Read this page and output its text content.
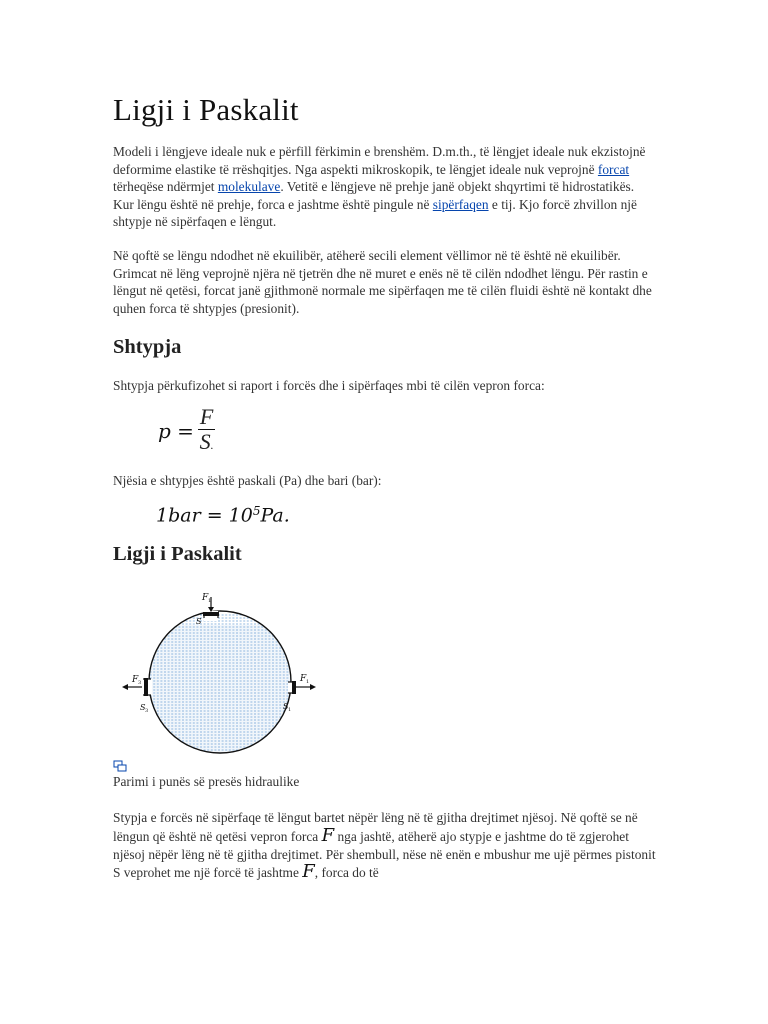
Ligji i Paskalit

Modeli i lëngjeve ideale nuk e përfill fërkimin e brenshëm. D.m.th., të lëngjet ideale nuk ekzistojnë deformime elastike të rrëshqitjes. Nga aspekti mikroskopik, te lëngjet ideale nuk veprojnë forcat tërheqëse ndërmjet molekulave. Vetitë e lëngjeve në prehje janë objekt shqyrtimi të hidrostatikës. Kur lëngu është në prehje, forca e jashtme është pingule në sipërfaqen e tij. Kjo forcë zhvillon një shtypje në sipërfaqen e lëngut.

Në qoftë se lëngu ndodhet në ekuilibër, atëherë secili element vëllimor në të është në ekuilibër. Grimcat në lëng veprojnë njëra në tjetrën dhe në muret e enës në të cilën ndodhet lëngu. Për rastin e lëngut në qetësi, forcat janë gjithmonë normale me sipërfaqen me të cilën fluidi është në kontakt dhe quhen forca të shtypjes (presionit).

Shtypja

Shtypja përkufizohet si raport i forcës dhe i sipërfaqes mbi të cilën vepron forca:

$p = \frac{F}{S.}$

Njësia e shtypjes është paskali (Pa) dhe bari (bar):

$1bar = 10^5Pa$.
Ligji i Paskalit
F 1
S
F 3
S 3
F 1
S 1

Parimi i punës së presës hidraulike

Stypja e forcës në sipërfaqe të lëngut bartet nëpër lëng në të gjitha drejtimet njësoj. Në qoftë se në lëngun që është në qetësi vepron forca F nga jashtë, atëherë ajo stypje e jashtme do të zgjerohet njësoj nëpër lëng në të gjitha drejtimet. Për shembull, nëse në enën e mbushur me ujë përmes pistonit S veprohet me një forcë të jashtme F, forca do të
